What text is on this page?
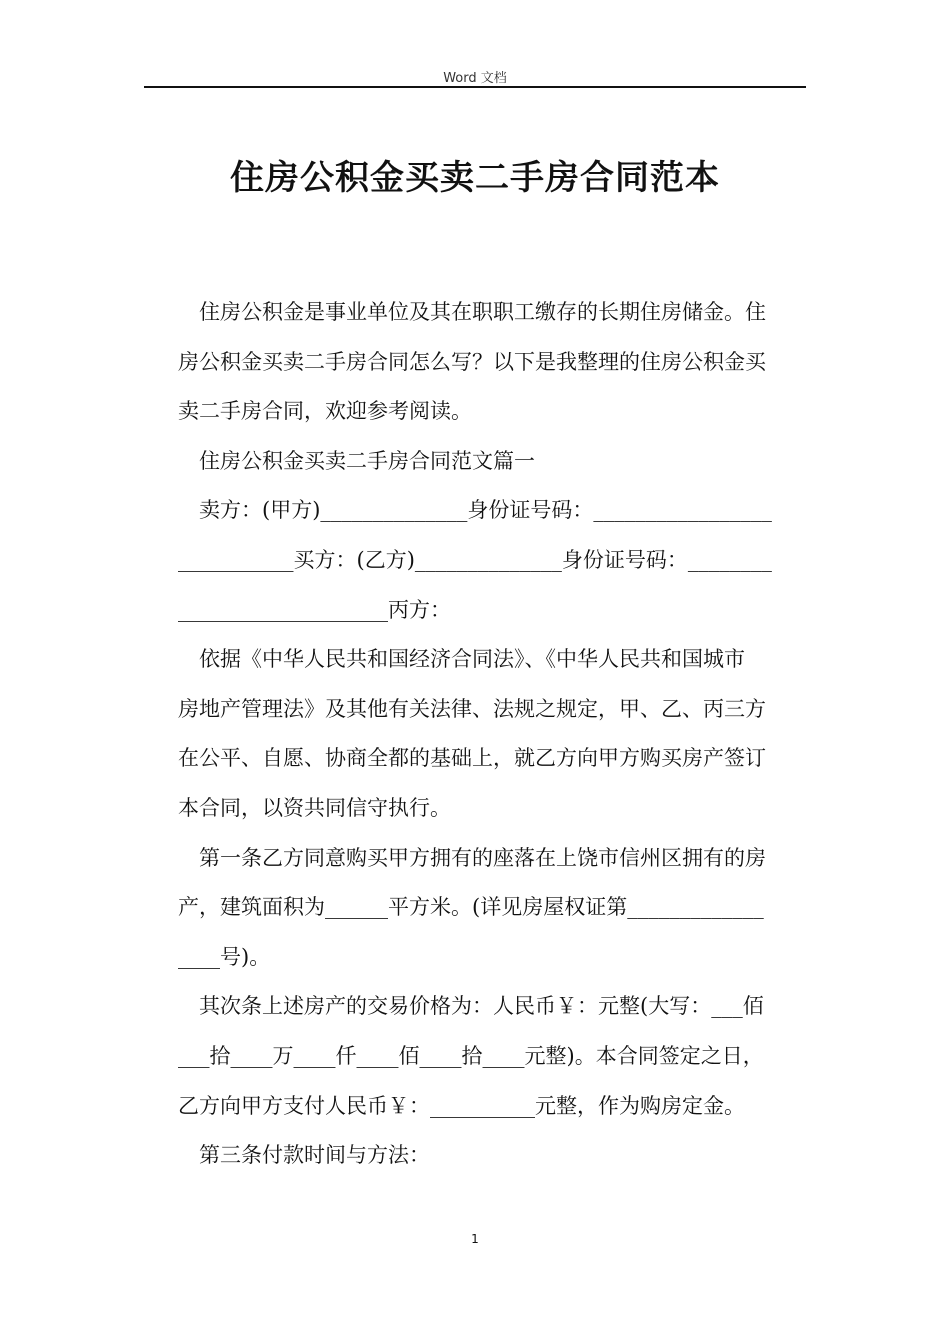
Word 文档
住房公积金买卖二手房合同范本
住房公积金是事业单位及其在职职工缴存的长期住房储金。住
房公积金买卖二手房合同怎么写？以下是我整理的住房公积金买
卖二手房合同，欢迎参考阅读。
住房公积金买卖二手房合同范文篇一
卖方：(甲方)______________身份证号码：_________________
___________买方：(乙方)______________身份证号码：________
____________________丙方：
依据《中华人民共和国经济合同法》、《中华人民共和国城市
房地产管理法》及其他有关法律、法规之规定，甲、乙、丙三方
在公平、自愿、协商全都的基础上，就乙方向甲方购买房产签订
本合同，以资共同信守执行。
第一条乙方同意购买甲方拥有的座落在上饶市信州区拥有的房
产，建筑面积为______平方米。(详见房屋权证第_____________
____号)。
其次条上述房产的交易价格为：人民币￥：元整(大写：___佰
___拾____万____仟____佰____拾____元整)。本合同签定之日，
乙方向甲方支付人民币￥：__________元整，作为购房定金。
第三条付款时间与方法：
1
